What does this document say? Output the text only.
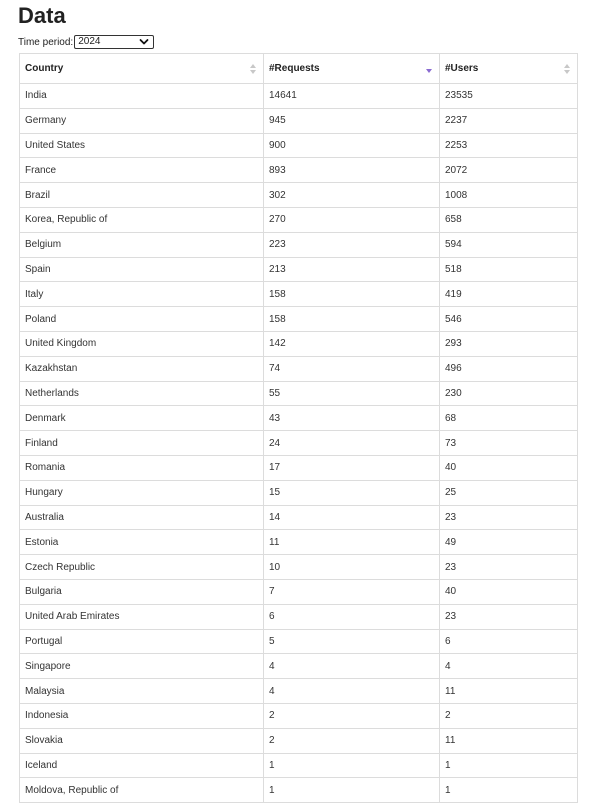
Data
Time period: 2024
Country	#Requests	#Users

India	14641	23535
Germany	945	2237
United States	900	2253
France	893	2072
Brazil	302	1008
Korea, Republic of	270	658
Belgium	223	594
Spain	213	518
Italy	158	419
Poland	158	546
United Kingdom	142	293
Kazakhstan	74	496
Netherlands	55	230
Denmark	43	68
Finland	24	73
Romania	17	40
Hungary	15	25
Australia	14	23
Estonia	11	49
Czech Republic	10	23
Bulgaria	7	40
United Arab Emirates	6	23
Portugal	5	6
Singapore	4	4
Malaysia	4	11
Indonesia	2	2
Slovakia	2	11
Iceland	1	1
Moldova, Republic of	1	1
